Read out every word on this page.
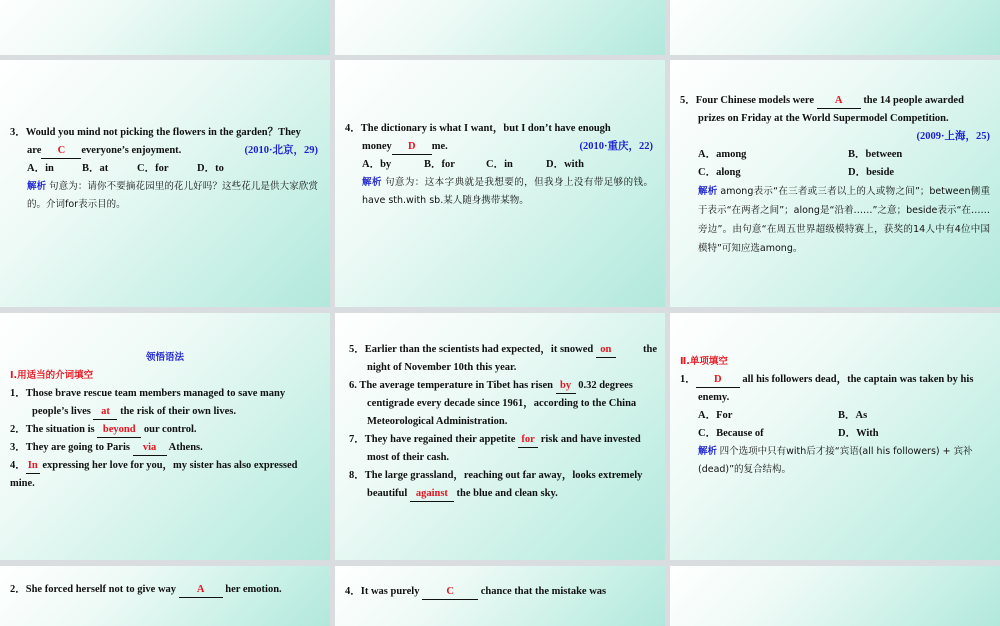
3．Would you mind not picking the flowers in the garden？They
are C everyone’s enjoyment.	(2010·北京，29)
A．in	B．at	C．for	D．to
解析 句意为：请你不要摘花园里的花儿好吗？这些花儿是供大家欣赏的。介词for表示目的。
4．The dictionary is what I want，but I don’t have enough
money D me.	(2010·重庆，22)
A．by	B．for	C．in	D．with
解析 句意为：这本字典就是我想要的，但我身上没有带足够的钱。have sth.with sb.某人随身携带某物。
5．Four Chinese models were A the 14 people awarded
prizes on Friday at the World Supermodel Competition.
(2009·上海，25)
A．among	B．between
C．along	D．beside
解析 among表示“在三者或三者以上的人或物之间”；between侧重于表示“在两者之间”；along是“沿着……”之意；beside表示“在……旁边”。由句意“在周五世界超级模特赛上，获奖的14人中有4位中国模特”可知应选among。
领悟语法
Ⅰ.用适当的介词填空
1．Those brave rescue team members managed to save many
people’s lives at the risk of their own lives.
2．The situation is beyond our control.
3．They are going to Paris via Athens.
4． In expressing her love for you，my sister has also expressed
mine.
5．Earlier than the scientists had expected，it snowed on	the
night of November 10th this year.
6. The average temperature in Tibet has risen by 0.32 degrees
centigrade every decade since 1961，according to the China
Meteorological Administration.
7．They have regained their appetite for risk and have invested
most of their cash.
8．The large grassland，reaching out far away，looks extremely
beautiful against the blue and clean sky.
Ⅱ.单项填空
1． D all his followers dead，the captain was taken by his
enemy.
A．For	B．As
C．Because of	D．With
解析 四个选项中只有with后才接“宾语(all his followers) + 宾补(dead)”的复合结构。
2．She forced herself not to give way A her emotion.	4．It was purely	C	chance that the mistake was
